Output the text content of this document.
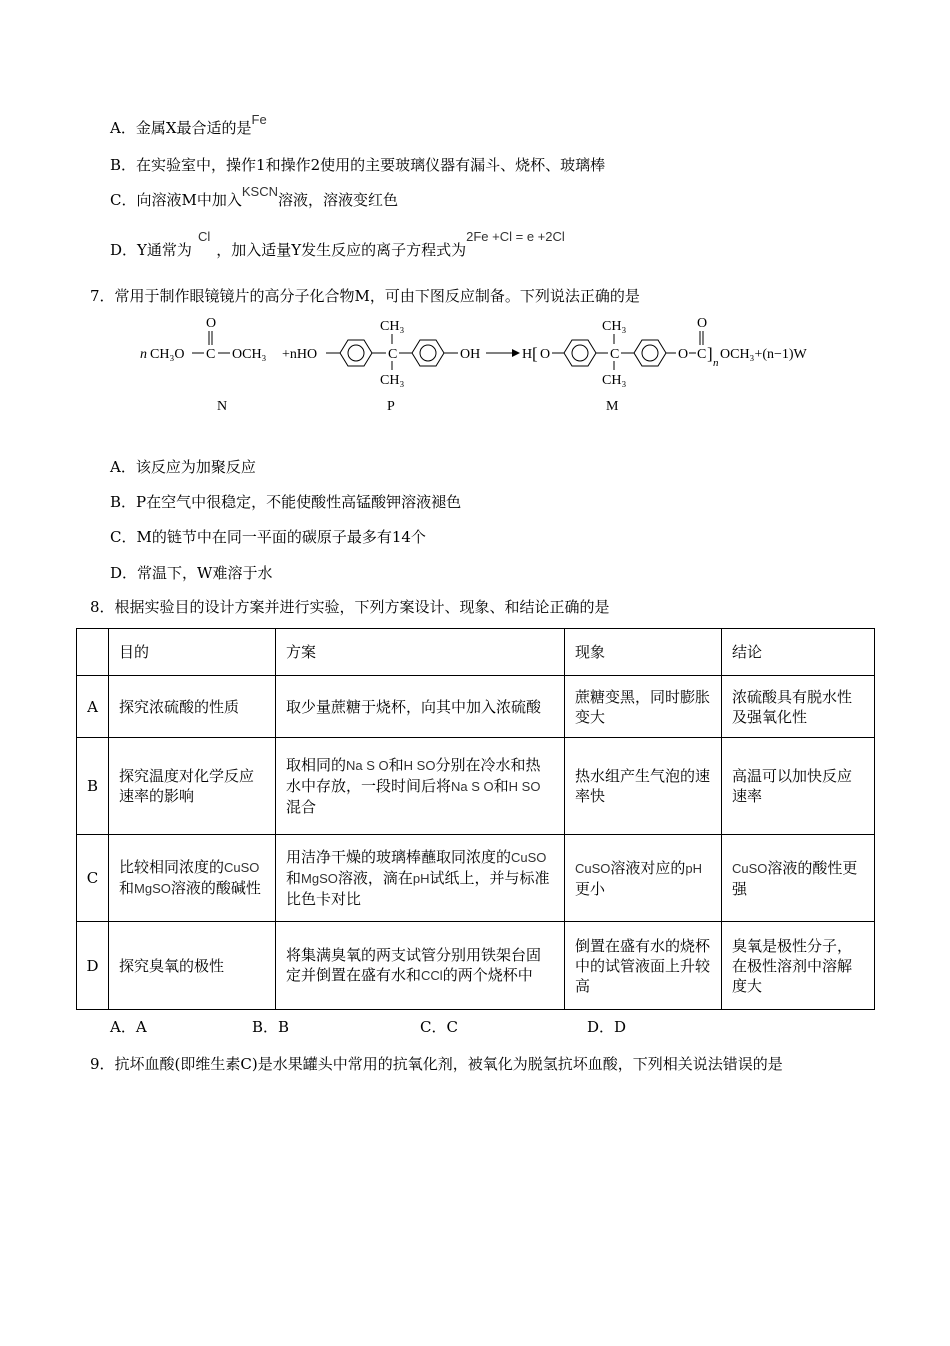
A．金属X最合适的是Fe
B．在实验室中，操作1和操作2使用的主要玻璃仪器有漏斗、烧杯、玻璃棒
C．向溶液M中加入KSCN溶液，溶液变红色
D．Y通常为Cl，加入适量Y发生反应的离子方程式为2Fe +Cl = e +2Cl
7．常用于制作眼镜镜片的高分子化合物M，可由下图反应制备。下列说法正确的是
n CH₃O C
O
OCH₃ +nHO	C
CH₃
CH₃
OH	H [ O	C
CH₃
CH₃
O C
O
] n
OCH₃+(n−1)W
N	P	M
A．该反应为加聚反应
B．P在空气中很稳定，不能使酸性高锰酸钾溶液褪色
C．M的链节中在同一平面的碳原子最多有14个
D．常温下，W难溶于水
8．根据实验目的设计方案并进行实验，下列方案设计、现象、和结论正确的是
	目的	方案	现象	结论
A	探究浓硫酸的性质	取少量蔗糖于烧杯，向其中加入浓硫酸	蔗糖变黑，同时膨胀变大	浓硫酸具有脱水性及强氧化性
B	探究温度对化学反应速率的影响	取相同的Na S O和H SO分别在冷水和热水中存放，一段时间后将Na S O和H SO混合	热水组产生气泡的速率快	高温可以加快反应速率
C	比较相同浓度的CuSO和MgSO溶液的酸碱性	用洁净干燥的玻璃棒蘸取同浓度的CuSO和MgSO溶液，滴在pH试纸上，并与标准比色卡对比	CuSO溶液对应的pH更小	CuSO溶液的酸性更强
D	探究臭氧的极性	将集满臭氧的两支试管分别用铁架台固定并倒置在盛有水和CCl的两个烧杯中	倒置在盛有水的烧杯中的试管液面上升较高	臭氧是极性分子，在极性溶剂中溶解度大
A．A	B．B	C．C	D．D
9．抗坏血酸(即维生素C)是水果罐头中常用的抗氧化剂，被氧化为脱氢抗坏血酸，下列相关说法错误的是
